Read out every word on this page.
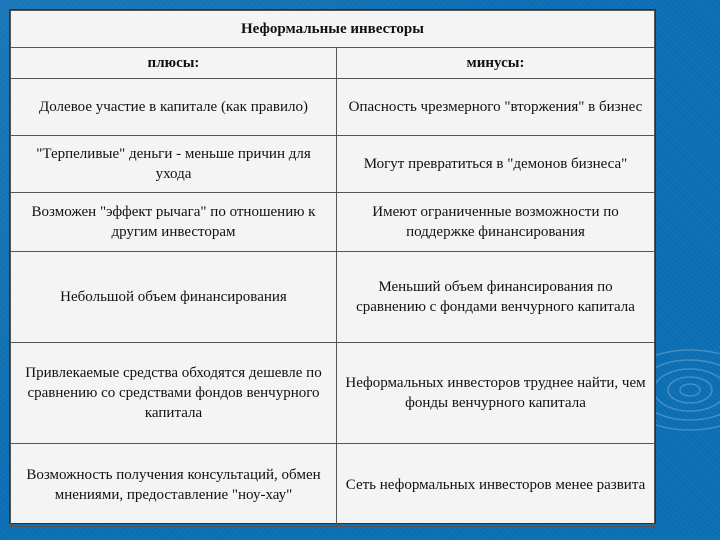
Неформальные инвесторы	
плюсы:	минусы:
Долевое участие в капитале (как правило)	Опасность чрезмерного "вторжения" в бизнес
"Терпеливые" деньги - меньше причин для ухода	Могут превратиться в "демонов бизнеса"
Возможен "эффект рычага" по отношению к другим инвесторам	Имеют ограниченные возможности по поддержке финансирования
Небольшой объем финансирования	Меньший объем финансирования по сравнению с фондами венчурного капитала
Привлекаемые средства обходятся дешевле по сравнению со средствами фондов венчурного капитала	Неформальных инвесторов труднее найти, чем фонды венчурного капитала
Возможность получения консультаций, обмен мнениями, предоставление "ноу-хау"	Сеть неформальных инвесторов менее развита
